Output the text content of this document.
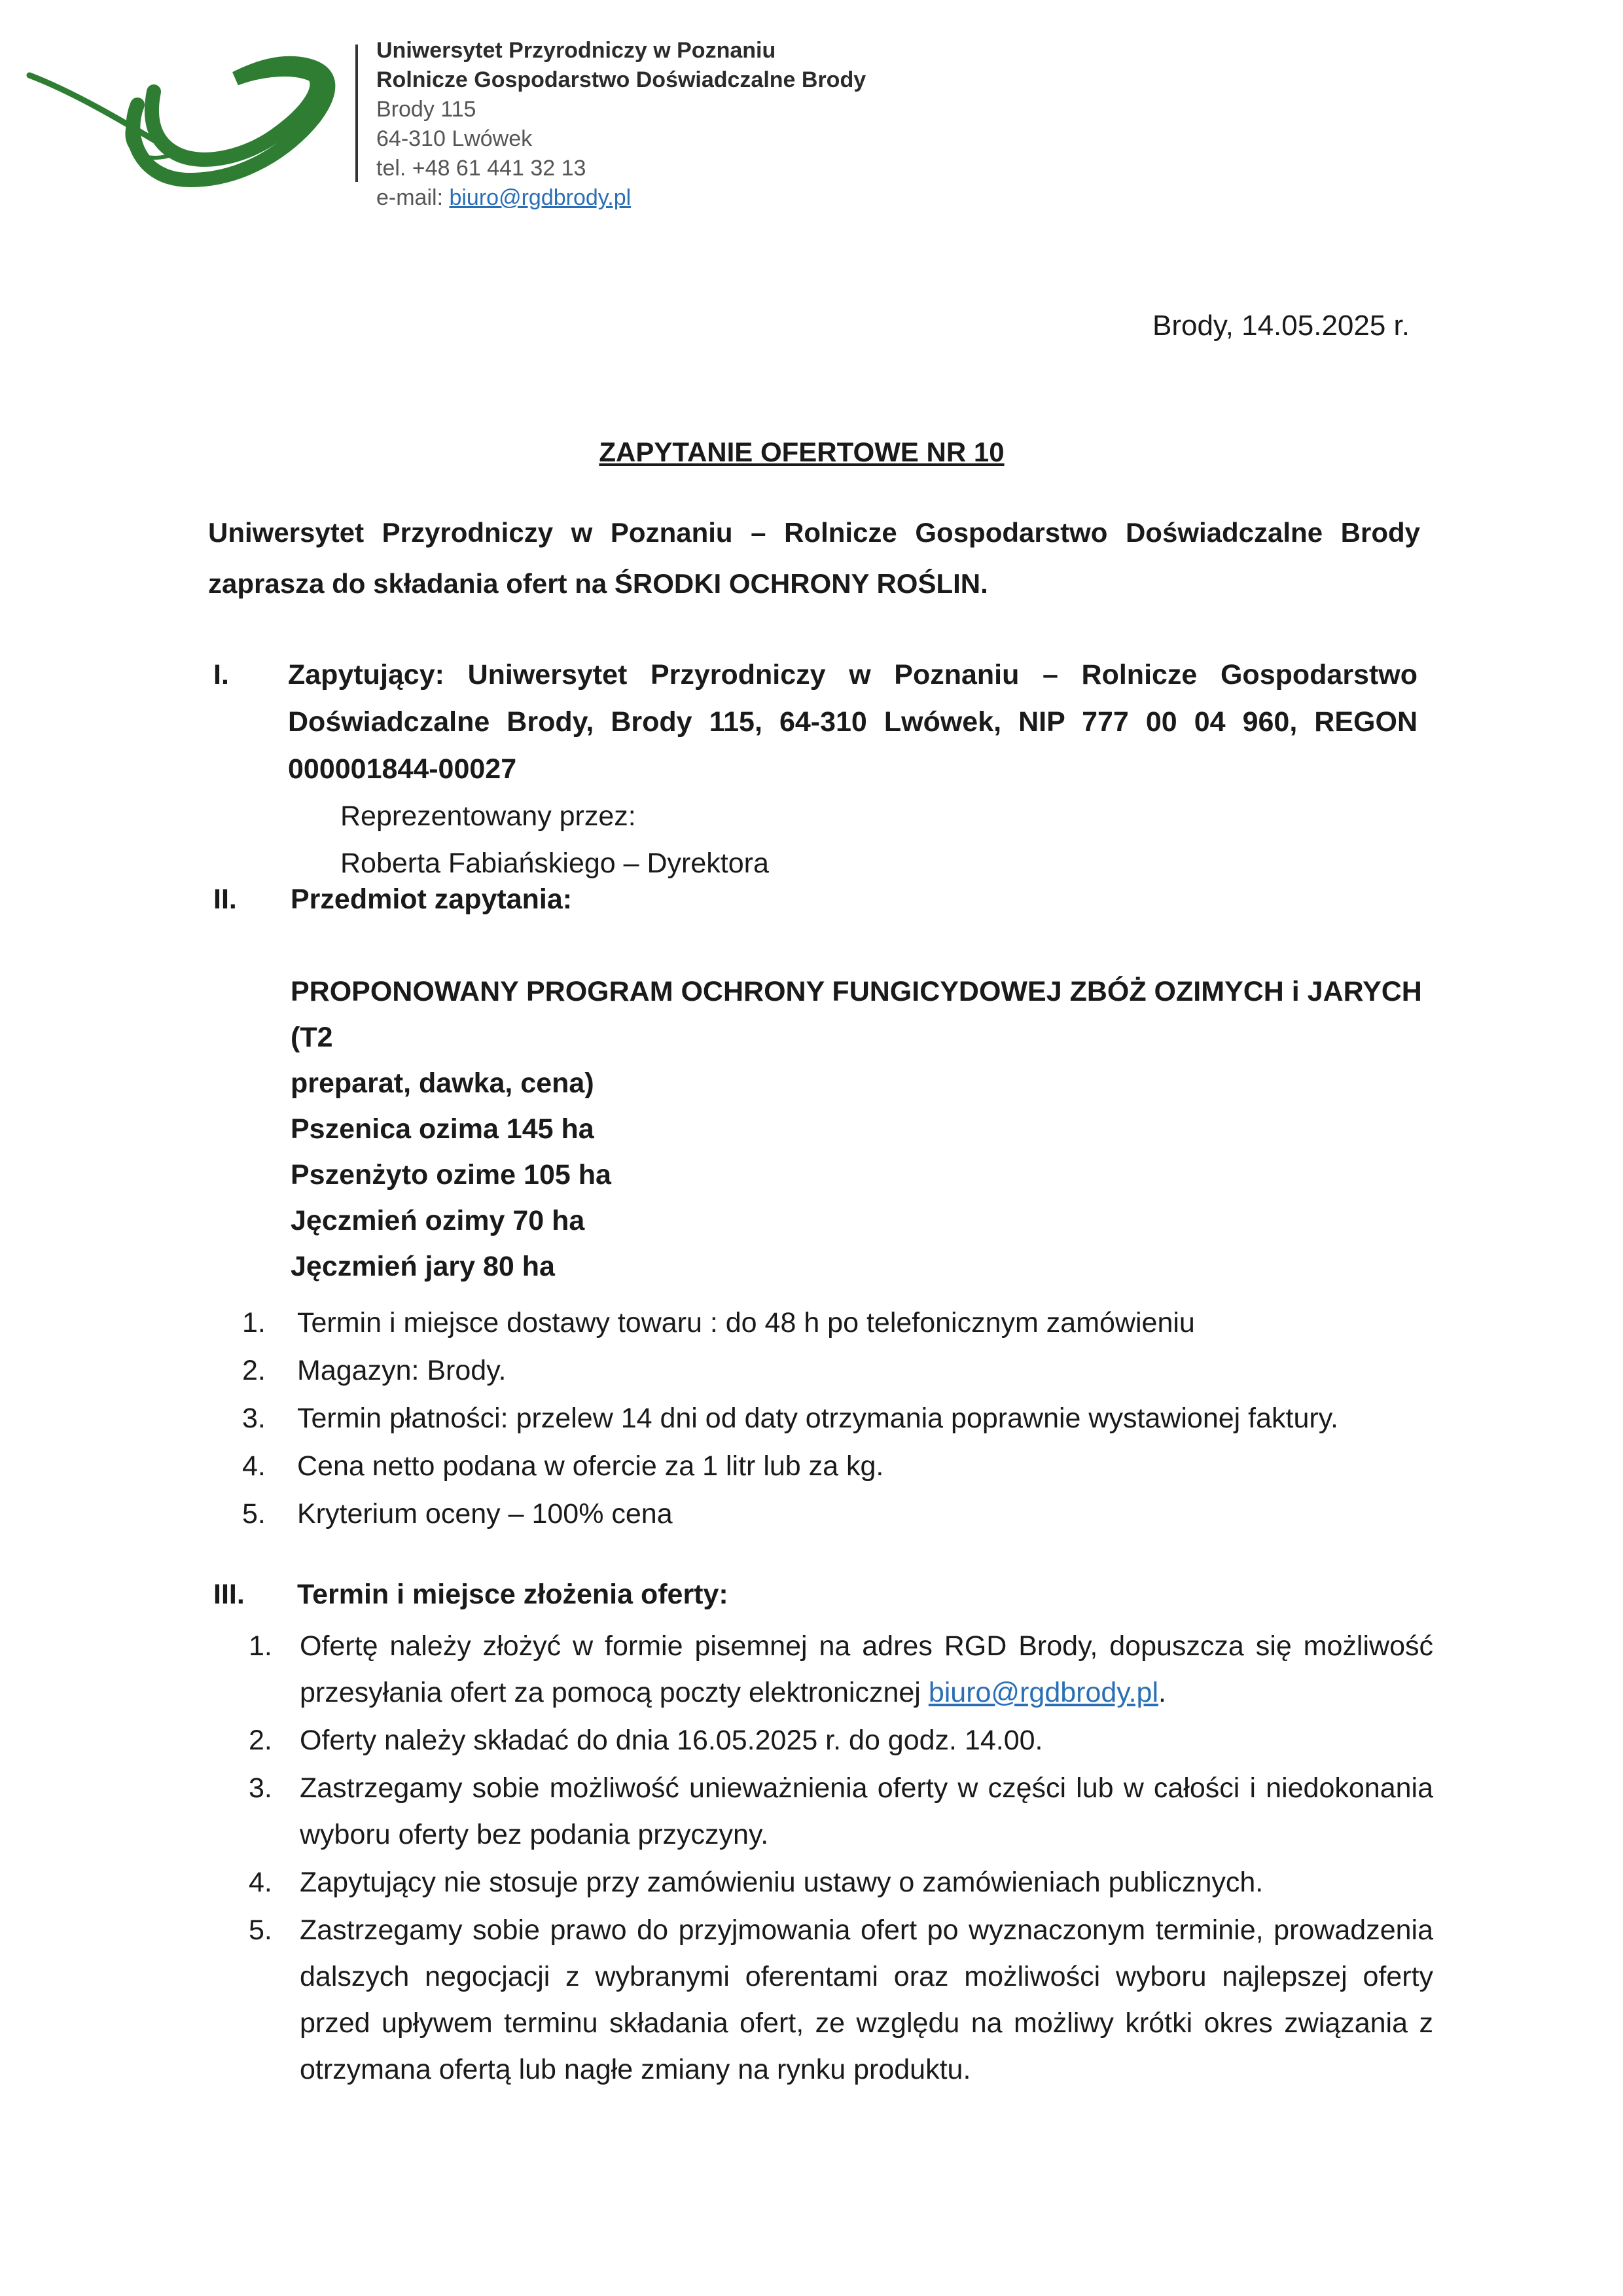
Uniwersytet Przyrodniczy w Poznaniu
Rolnicze Gospodarstwo Doświadczalne Brody
Brody 115
64-310 Lwówek
tel. +48 61 441 32 13
e-mail: biuro@rgdbrody.pl
Brody, 14.05.2025 r.
ZAPYTANIE OFERTOWE NR 10
Uniwersytet Przyrodniczy w Poznaniu – Rolnicze Gospodarstwo Doświadczalne Brody zaprasza do składania ofert na ŚRODKI OCHRONY ROŚLIN.
I. Zapytujący: Uniwersytet Przyrodniczy w Poznaniu – Rolnicze Gospodarstwo Doświadczalne Brody, Brody 115, 64-310 Lwówek, NIP 777 00 04 960, REGON 000001844-00027
Reprezentowany przez:
Roberta Fabiańskiego – Dyrektora
II. Przedmiot zapytania:
PROPONOWANY PROGRAM OCHRONY FUNGICYDOWEJ ZBÓŻ OZIMYCH i JARYCH (T2
preparat, dawka, cena)
Pszenica ozima 145 ha
Pszenżyto ozime 105 ha
Jęczmień ozimy 70 ha
Jęczmień jary 80 ha
1. Termin i miejsce dostawy towaru : do 48 h po telefonicznym zamówieniu
2. Magazyn: Brody.
3. Termin płatności: przelew 14 dni od daty otrzymania poprawnie wystawionej faktury.
4. Cena netto podana w ofercie za 1 litr lub za kg.
5. Kryterium oceny – 100% cena
III. Termin i miejsce złożenia oferty:
1. Ofertę należy złożyć w formie pisemnej na adres RGD Brody, dopuszcza się możliwość przesyłania ofert za pomocą poczty elektronicznej biuro@rgdbrody.pl.
2. Oferty należy składać do dnia 16.05.2025 r. do godz. 14.00.
3. Zastrzegamy sobie możliwość unieważnienia oferty w części lub w całości i niedokonania wyboru oferty bez podania przyczyny.
4. Zapytujący nie stosuje przy zamówieniu ustawy o zamówieniach publicznych.
5. Zastrzegamy sobie prawo do przyjmowania ofert po wyznaczonym terminie, prowadzenia dalszych negocjacji z wybranymi oferentami oraz możliwości wyboru najlepszej oferty przed upływem terminu składania ofert, ze względu na możliwy krótki okres związania z otrzymana ofertą lub nagłe zmiany na rynku produktu.
